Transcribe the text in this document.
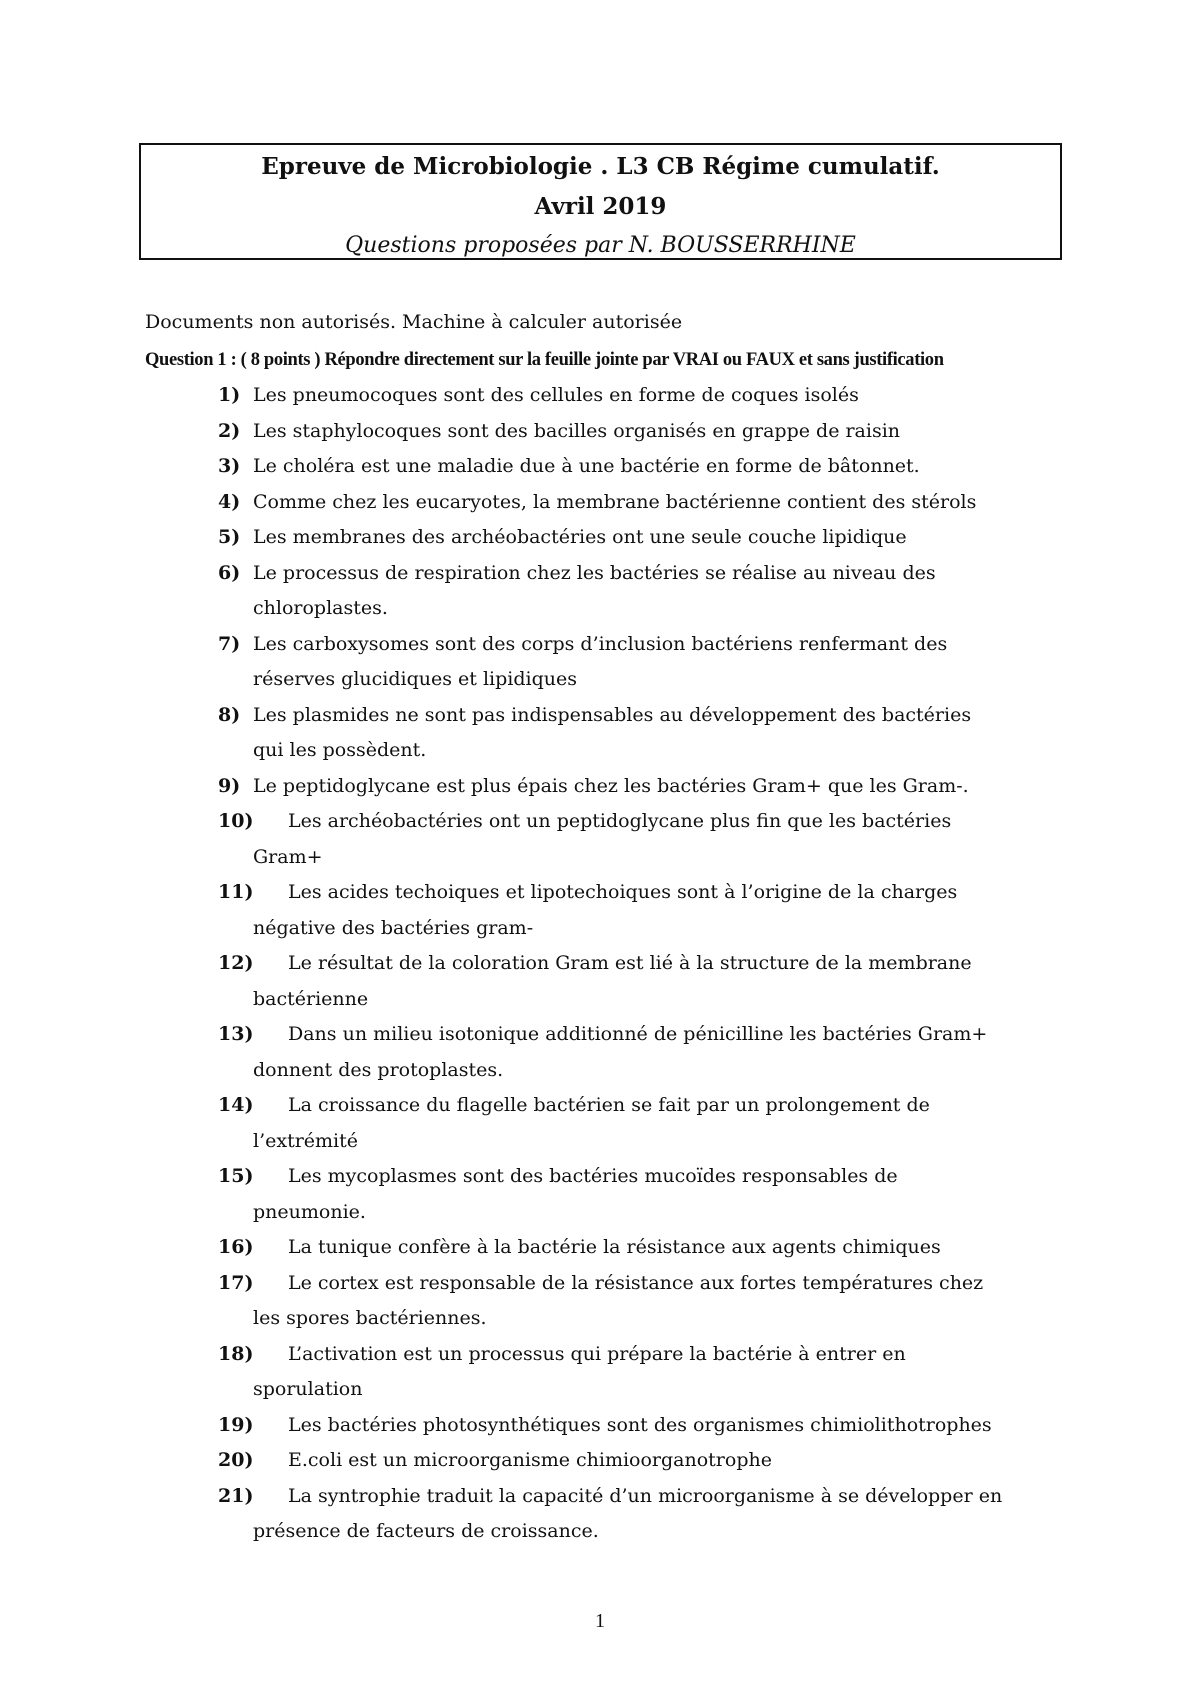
Epreuve de Microbiologie . L3 CB Régime cumulatif.
Avril 2019
Questions proposées par N. BOUSSERRHINE
Documents non autorisés. Machine à calculer autorisée
Question 1 : ( 8 points ) Répondre directement sur la feuille jointe par VRAI ou FAUX et sans justification
1) Les pneumocoques sont des cellules en forme de coques isolés
2) Les staphylocoques sont des bacilles organisés en grappe de raisin
3) Le choléra est une maladie due à une bactérie en forme de bâtonnet.
4) Comme chez les eucaryotes, la membrane bactérienne contient des stérols
5) Les membranes des archéobactéries ont une seule couche lipidique
6) Le processus de respiration chez les bactéries se réalise au niveau des
chloroplastes.
7) Les carboxysomes sont des corps d’inclusion bactériens renfermant des
réserves glucidiques et lipidiques
8) Les plasmides ne sont pas indispensables au développement des bactéries
qui les possèdent.
9) Le peptidoglycane est plus épais chez les bactéries Gram+ que les Gram-.
10) Les archéobactéries ont un peptidoglycane plus fin que les bactéries
Gram+
11) Les acides techoiques et lipotechoiques sont à l’origine de la charges
négative des bactéries gram-
12) Le résultat de la coloration Gram est lié à la structure de la membrane
bactérienne
13) Dans un milieu isotonique additionné de pénicilline les bactéries Gram+
donnent des protoplastes.
14) La croissance du flagelle bactérien se fait par un prolongement de
l’extrémité
15) Les mycoplasmes sont des bactéries mucoïdes responsables de
pneumonie.
16) La tunique confère à la bactérie la résistance aux agents chimiques
17) Le cortex est responsable de la résistance aux fortes températures chez
les spores bactériennes.
18) L’activation est un processus qui prépare la bactérie à entrer en
sporulation
19) Les bactéries photosynthétiques sont des organismes chimiolithotrophes
20) E.coli est un microorganisme chimioorganotrophe
21) La syntrophie traduit la capacité d’un microorganisme à se développer en
présence de facteurs de croissance.
1
